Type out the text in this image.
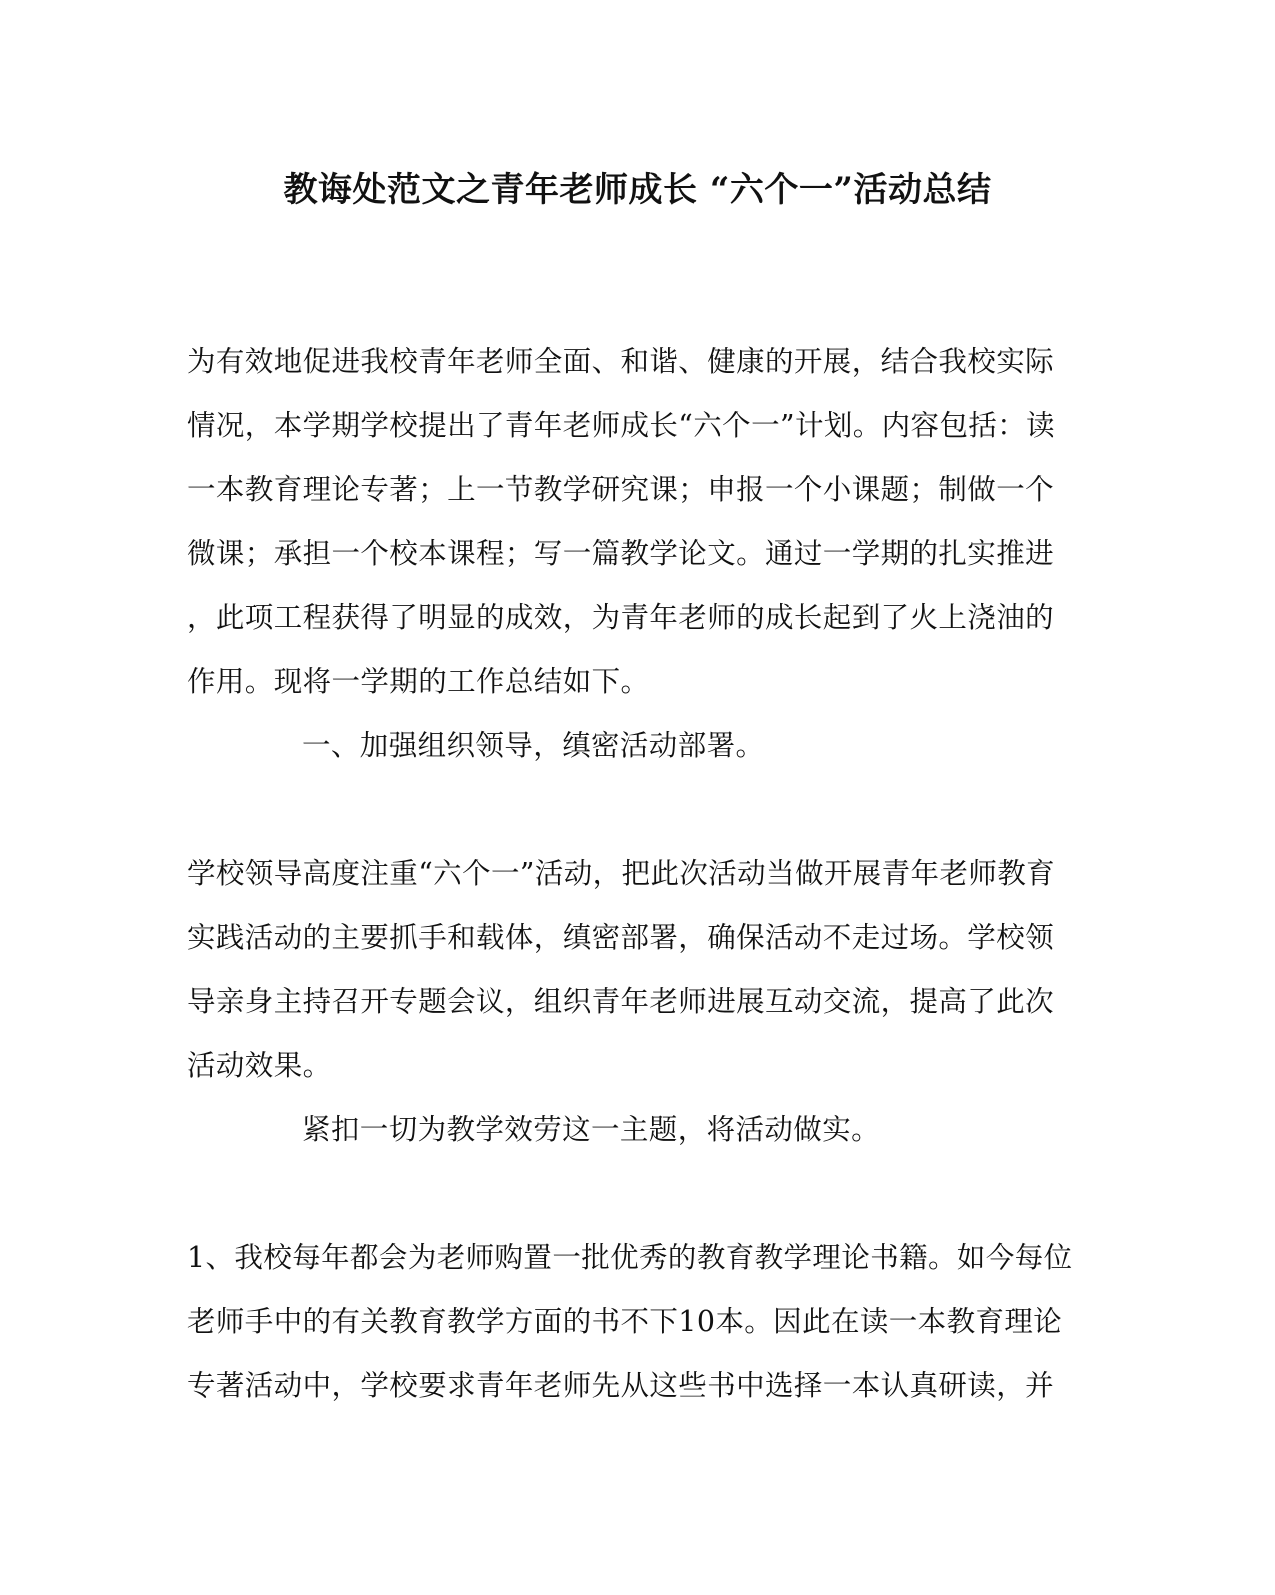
教诲处范文之青年老师成长 “六个一”活动总结
为有效地促进我校青年老师全面、和谐、健康的开展，结合我校实际
情况，本学期学校提出了青年老师成长“六个一”计划。内容包括：读
一本教育理论专著；上一节教学研究课；申报一个小课题；制做一个
微课；承担一个校本课程；写一篇教学论文。通过一学期的扎实推进
，此项工程获得了明显的成效，为青年老师的成长起到了火上浇油的
作用。现将一学期的工作总结如下。
一、加强组织领导，缜密活动部署。
学校领导高度注重“六个一”活动，把此次活动当做开展青年老师教育
实践活动的主要抓手和载体，缜密部署，确保活动不走过场。学校领
导亲身主持召开专题会议，组织青年老师进展互动交流，提高了此次
活动效果。
紧扣一切为教学效劳这一主题，将活动做实。
1、我校每年都会为老师购置一批优秀的教育教学理论书籍。如今每位
老师手中的有关教育教学方面的书不下10本。因此在读一本教育理论
专著活动中，学校要求青年老师先从这些书中选择一本认真研读，并
